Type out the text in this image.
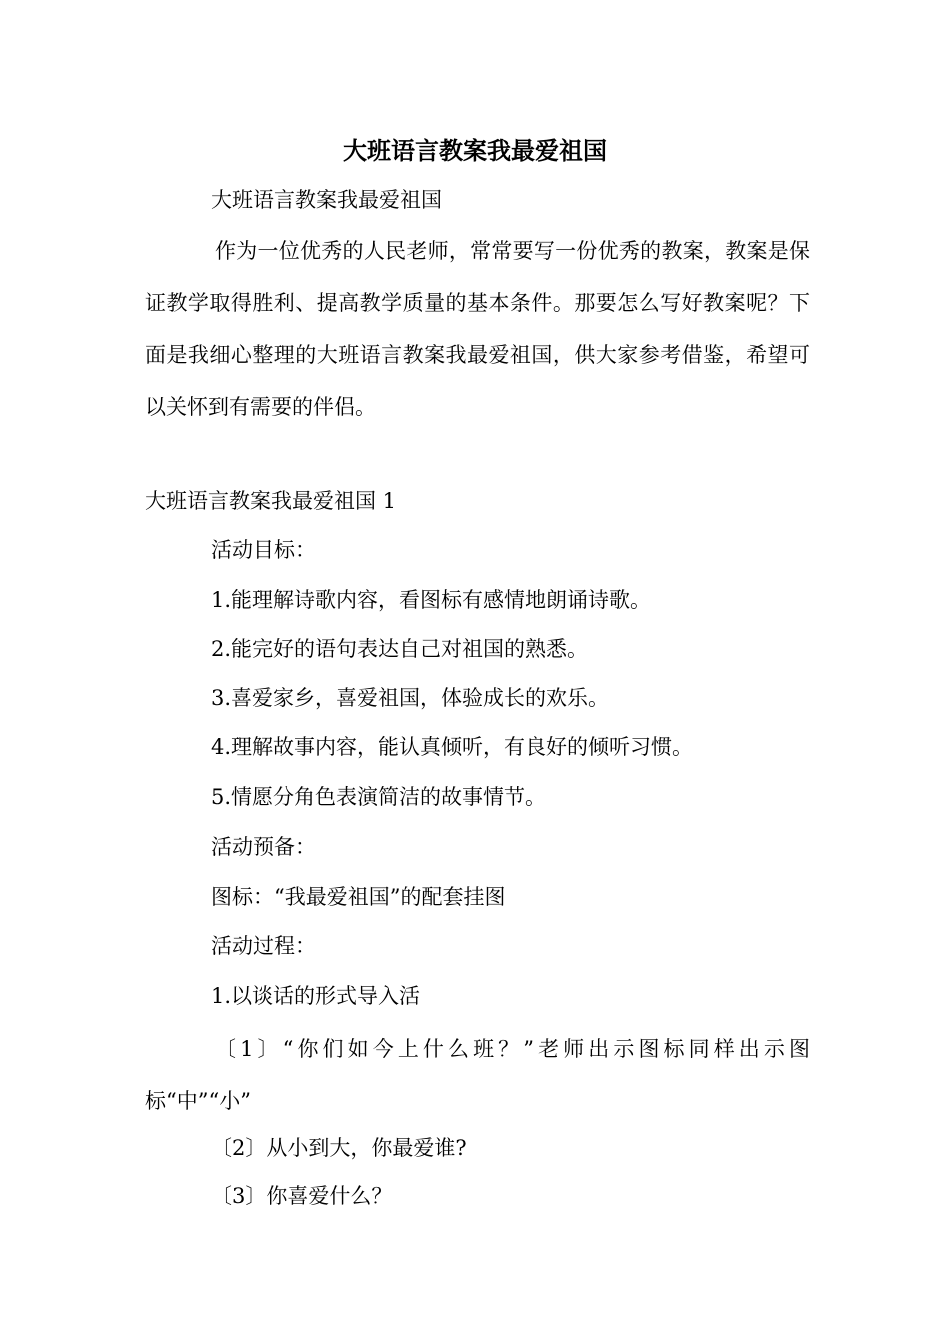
大班语言教案我最爱祖国
大班语言教案我最爱祖国
作为一位优秀的人民老师，常常要写一份优秀的教案，教案是保证教学取得胜利、提高教学质量的基本条件。那要怎么写好教案呢？下面是我细心整理的大班语言教案我最爱祖国，供大家参考借鉴，希望可以关怀到有需要的伴侣。
大班语言教案我最爱祖国 1
活动目标：
1.能理解诗歌内容，看图标有感情地朗诵诗歌。
2.能完好的语句表达自己对祖国的熟悉。
3.喜爱家乡，喜爱祖国，体验成长的欢乐。
4.理解故事内容，能认真倾听，有良好的倾听习惯。
5.情愿分角色表演简洁的故事情节。
活动预备：
图标：“我最爱祖国”的配套挂图
活动过程：
1.以谈话的形式导入活
〔1〕“你们如今上什么班？”老师出示图标同样出示图标“中”“小”
〔2〕从小到大，你最爱谁?
〔3〕你喜爱什么？
